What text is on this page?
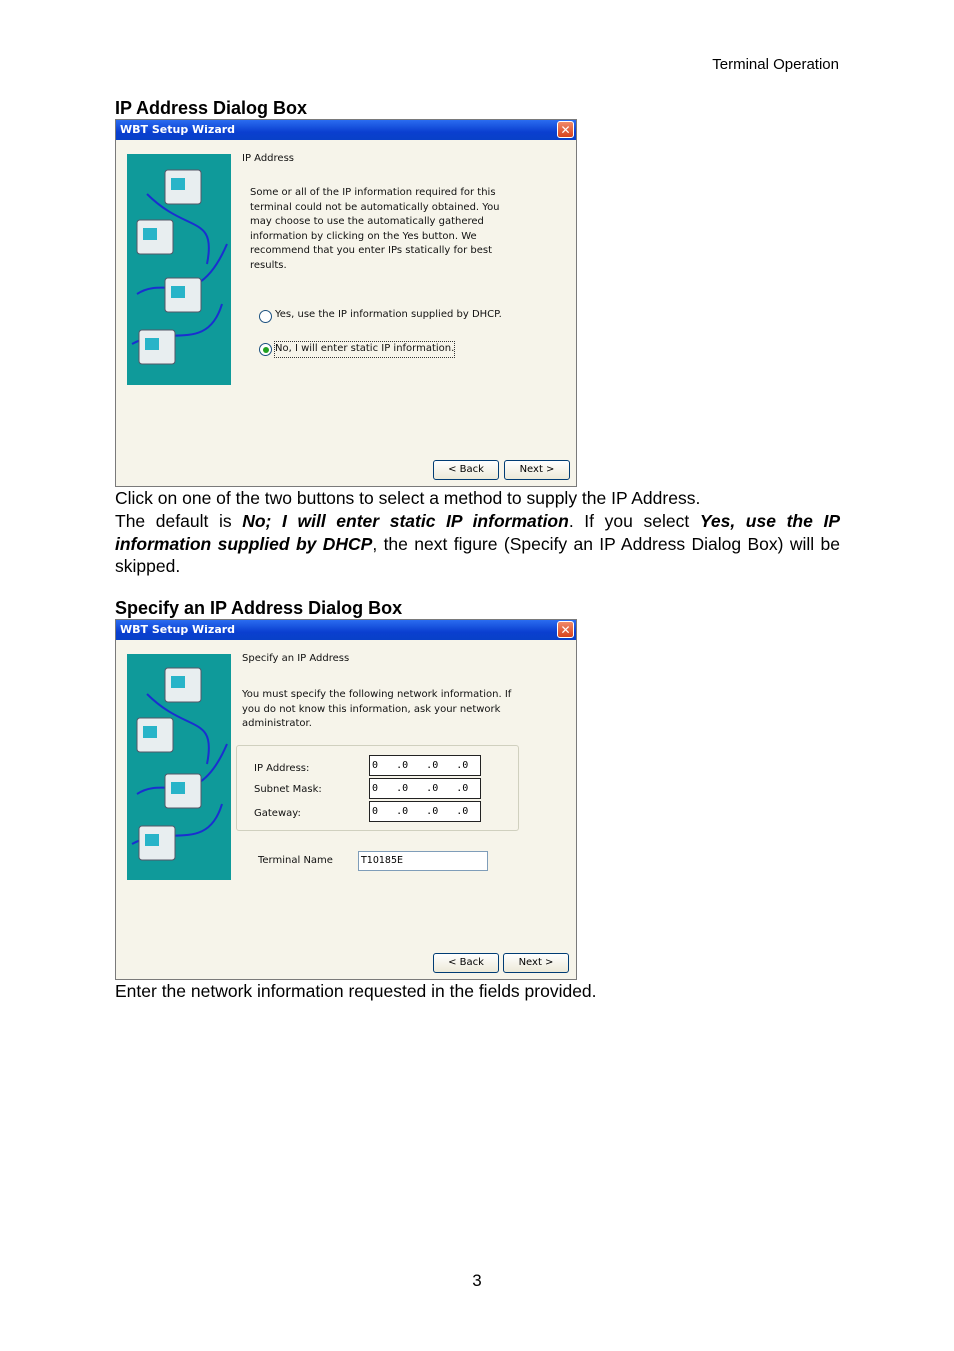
Terminal Operation
IP Address Dialog Box
WBT Setup Wizard	✕
IP Address
Some or all of the IP information required for this
terminal could not be automatically obtained. You
may choose to use the automatically gathered
information by clicking on the Yes button. We
recommend that you enter IPs statically for best
results.
Yes, use the IP information supplied by DHCP.
No, I will enter static IP information.
< Back	Next >
Click on one of the two buttons to select a method to supply the IP Address.
The default is No; I will enter static IP information. If you select Yes, use the IP information supplied by DHCP, the next figure (Specify an IP Address Dialog Box) will be skipped.
Specify an IP Address Dialog Box
WBT Setup Wizard	✕
Specify an IP Address
You must specify the following network information. If
you do not know this information, ask your network
administrator.
IP Address:	0   .0   .0   .0
Subnet Mask:	0   .0   .0   .0
Gateway:	0   .0   .0   .0
Terminal Name	T10185E
< Back	Next >
Enter the network information requested in the fields provided.
3
